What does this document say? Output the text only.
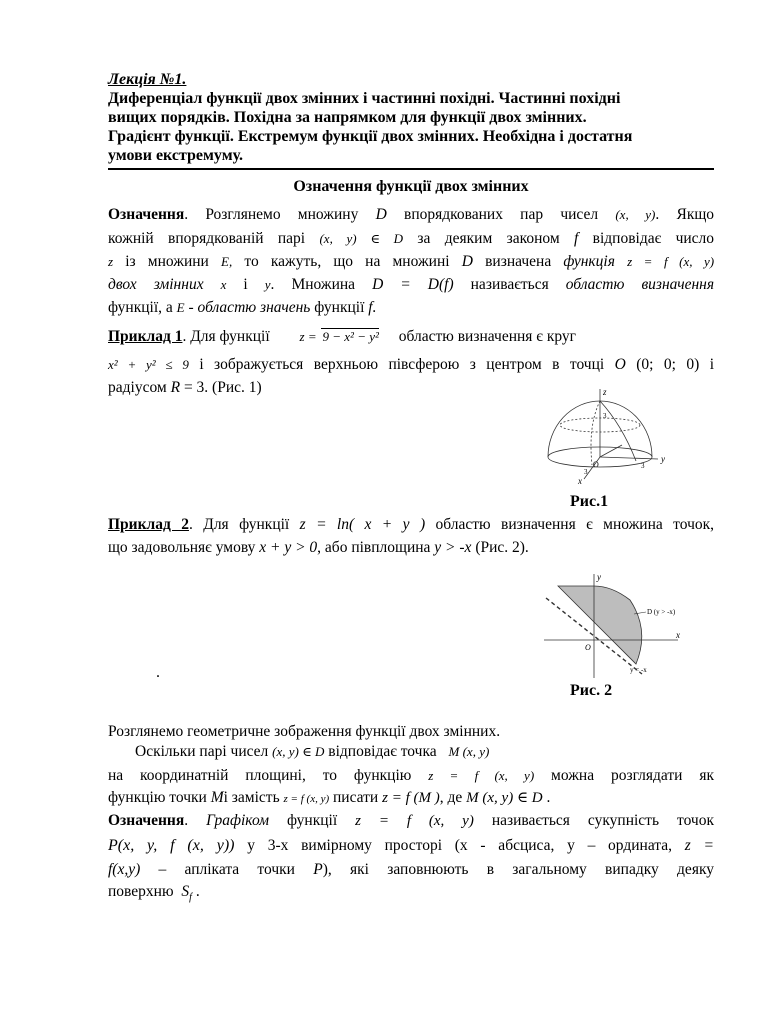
Лекція №1.
Диференціал функції двох змінних і частинні похідні. Частинні похідні
вищих порядків. Похідна за напрямком для функції двох змінних.
Градієнт функції. Екстремум функції двох змінних. Необхідна і достатня
умови екстремуму.
Означення функції двох змінних
Означення. Розглянемо множину D впорядкованих пар чисел (x, y). Якщо
кожній впорядкованій парі (x, y) ∈ D за деяким законом f відповідає число
z із множини E, то кажуть, що на множині D визначена функція z = f (x, y)
двох змінних x і y. Множина D = D(f) називається областю визначення
функції, а E - областю значень функції f.
Приклад 1. Для функції z = 9 − x² − y² областю визначення є круг
x² + y² ≤ 9 і зображується верхньою півсферою з центром в точці O (0; 0; 0) і
радіусом R = 3. (Рис. 1)	z
y
x
O
3
3
3
Рис.1
Приклад 2. Для функції z = ln( x + y ) областю визначення є множина точок,
що задовольняє умову x + y > 0, або півплощина y > -x (Рис. 2).
y
x
O
D (y > -x)
y = -x
.
Рис. 2
Розглянемо геометричне зображення функції двох змінних.
Оскільки парі чисел (x, y) ∈ D відповідає точка M (x, y)
на координатній площині, то функцію z = f (x, y) можна розглядати як
функцію точки Mі замість z = f (x, y) писати z = f (M ), де M (x, y) ∈ D .
Означення. Графіком функції z = f (x, y) називається сукупність точок
P(x, y, f (x, y)) у 3-х вимірному просторі (x - абсциса, y – ордината, z =
f(x,y) – апліката точки P), які заповнюють в загальному випадку деяку
поверхню $S_f$ .
